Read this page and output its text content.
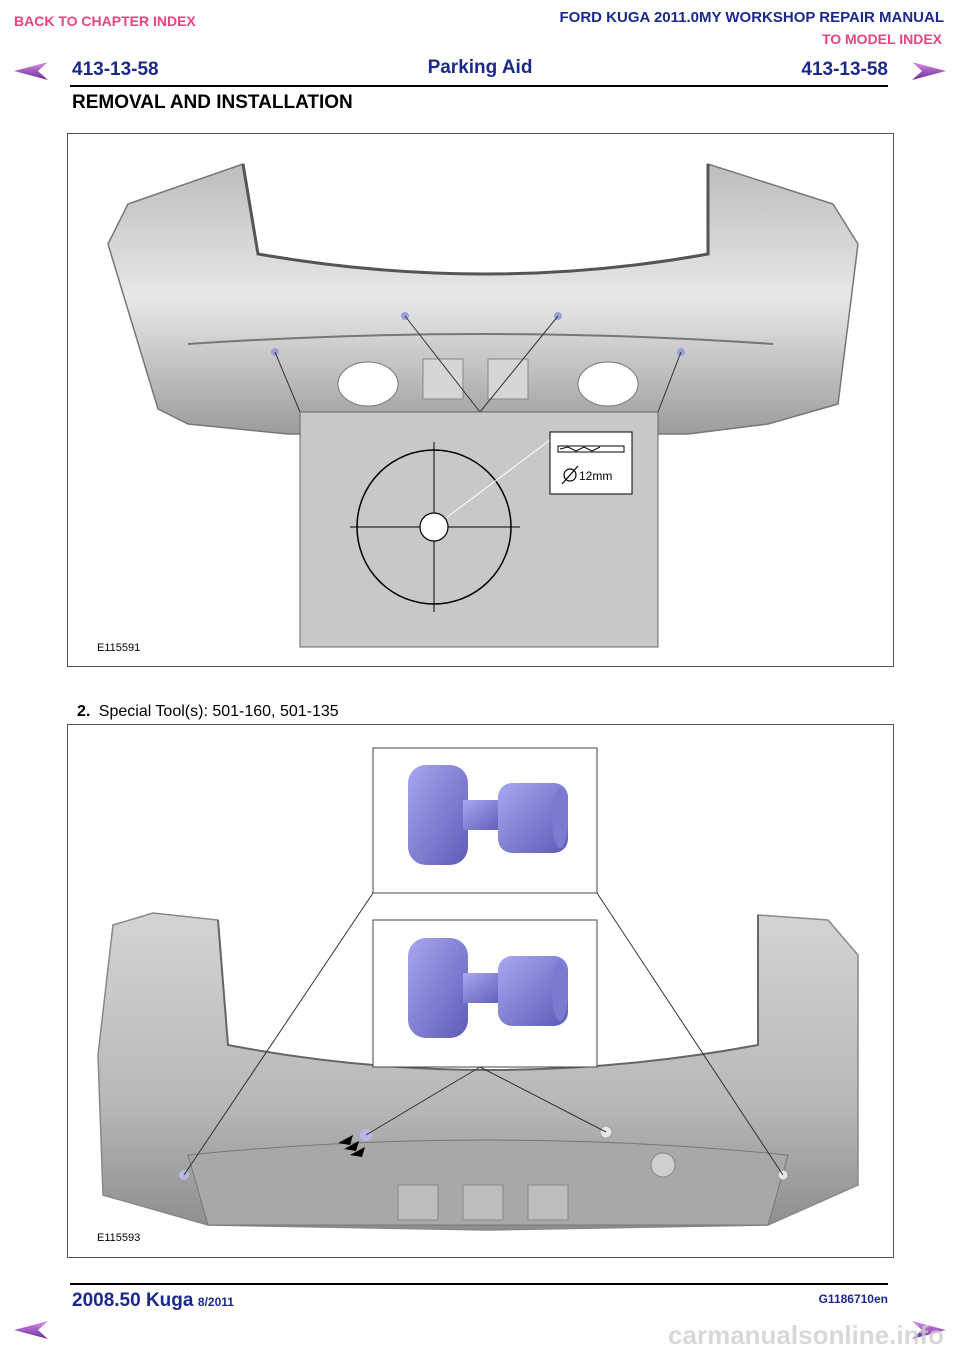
BACK TO CHAPTER INDEX	FORD KUGA 2011.0MY WORKSHOP REPAIR MANUAL
TO MODEL INDEX
413-13-58	Parking Aid	413-13-58
REMOVAL AND INSTALLATION
12mm
E115591
2. Special Tool(s): 501-160, 501-135
E115593
2008.50 Kuga 8/2011	G1186710en
carmanualsonline.info
